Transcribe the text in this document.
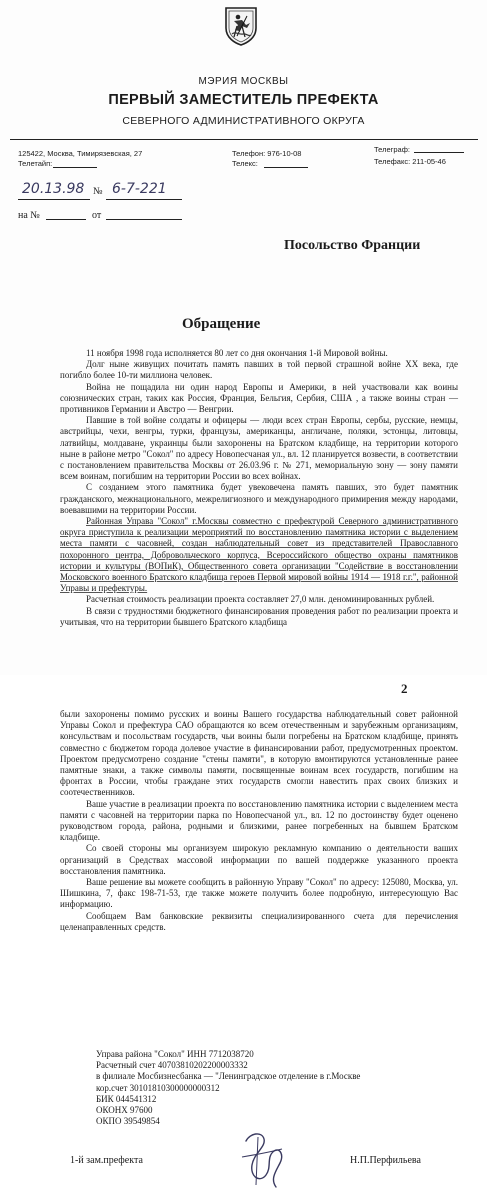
МЭРИЯ МОСКВЫ
ПЕРВЫЙ ЗАМЕСТИТЕЛЬ ПРЕФЕКТА
СЕВЕРНОГО АДМИНИСТРАТИВНОГО ОКРУГА
125422, Москва, Тимирязевская, 27
Телетайп:
Телефон: 976-10-08
Телекс:
Телеграф:
Телефакс: 211-05-46
20.13.98 № 6-7-221
на №	от
Посольство Франции
Обращение

11 ноября 1998 года исполняется 80 лет со дня окончания 1-й Мировой войны.

Долг ныне живущих почитать память павших в той первой страшной войне XX века, где погибло более 10-ти миллиона человек.

Война не пощадила ни один народ Европы и Америки, в ней участвовали как воины союзнических стран, таких как Россия, Франция, Бельгия, Сербия, США , а также воины стран — противников Германии и Австро — Венгрии.

Павшие в той войне солдаты и офицеры — люди всех стран Европы, сербы, русские, немцы, австрийцы, чехи, венгры, турки, французы, американцы, англичане, поляки, эстонцы, литовцы, латвийцы, молдаване, украинцы были захоронены на Братском кладбище, на территории которого ныне в районе метро "Сокол" по адресу Новопесчаная ул., вл. 12 планируется возвести, в соответствии с постановлением правительства Москвы от 26.03.96 г. № 271, мемориальную зону — зону памяти всем воинам, погибшим на территории России во всех войнах.

С созданием этого памятника будет увековечена память павших, это будет памятник гражданского, межнационального, межрелигиозного и международного примирения между народами, воевавшими на территории России.

Районная Управа "Сокол" г.Москвы совместно с префектурой Северного административного округа приступила к реализации мероприятий по восстановлению памятника истории с выделением места памяти с часовней, создан наблюдательный совет из представителей Православного похоронного центра, Добровольческого корпуса, Всероссийского общество охраны памятников истории и культуры (ВОПиК), Общественного совета организации "Содействие в восстановлении Московского военного Братского кладбища героев Первой мировой войны 1914 — 1918 г.г.", районной Управы и префектуры.

Расчетная стоимость реализации проекта составляет 27,0 млн. деноминированных рублей.

В связи с трудностями бюджетного финансирования проведения работ по реализации проекта и учитывая, что на территории бывшего Братского кладбища

2

были захоронены помимо русских и воины Вашего государства наблюдательный совет районной Управы Сокол и префектура САО обращаются ко всем отечественным и зарубежным организациям, консульствам и посольствам государств, чьи воины были погребены на Братском кладбище, принять совместно с бюджетом города долевое участие в финансировании работ, предусмотренных проектом. Проектом предусмотрено создание "стены памяти", в которую вмонтируются установленные ранее памятные знаки, а также символы памяти, посвященные воинам всех государств, погибшим на фронтах в России, чтобы граждане этих государств смогли навестить прах своих близких и соотечественников.

Ваше участие в реализации проекта по восстановлению памятника истории с выделением места памяти с часовней на территории парка по Новопесчаной ул., вл. 12 по достоинству будет оценено руководством города, района, родными и близкими, ранее погребенных на бывшем Братском кладбище.

Со своей стороны мы организуем широкую рекламную компанию о деятельности ваших организаций в Средствах массовой информации по вашей поддержке указанного проекта восстановления памятника.

Ваше решение вы можете сообщить в районную Управу "Сокол" по адресу: 125080, Москва, ул. Шишкина, 7, факс 198-71-53, где также можете получить более подробную, интересующую Вас информацию.

Сообщаем Вам банковские реквизиты специализированного счета для перечисления целенаправленных средств.

Управа района "Сокол" ИНН 7712038720
Расчетный счет 40703810202200003332
в филиале Мосбизнесбанка — "Ленинградское отделение в г.Москве
кор.счет 30101810300000000312
БИК 044541312
ОКОНХ 97600
ОКПО 39549854
1-й зам.префекта	Н.П.Перфильева
